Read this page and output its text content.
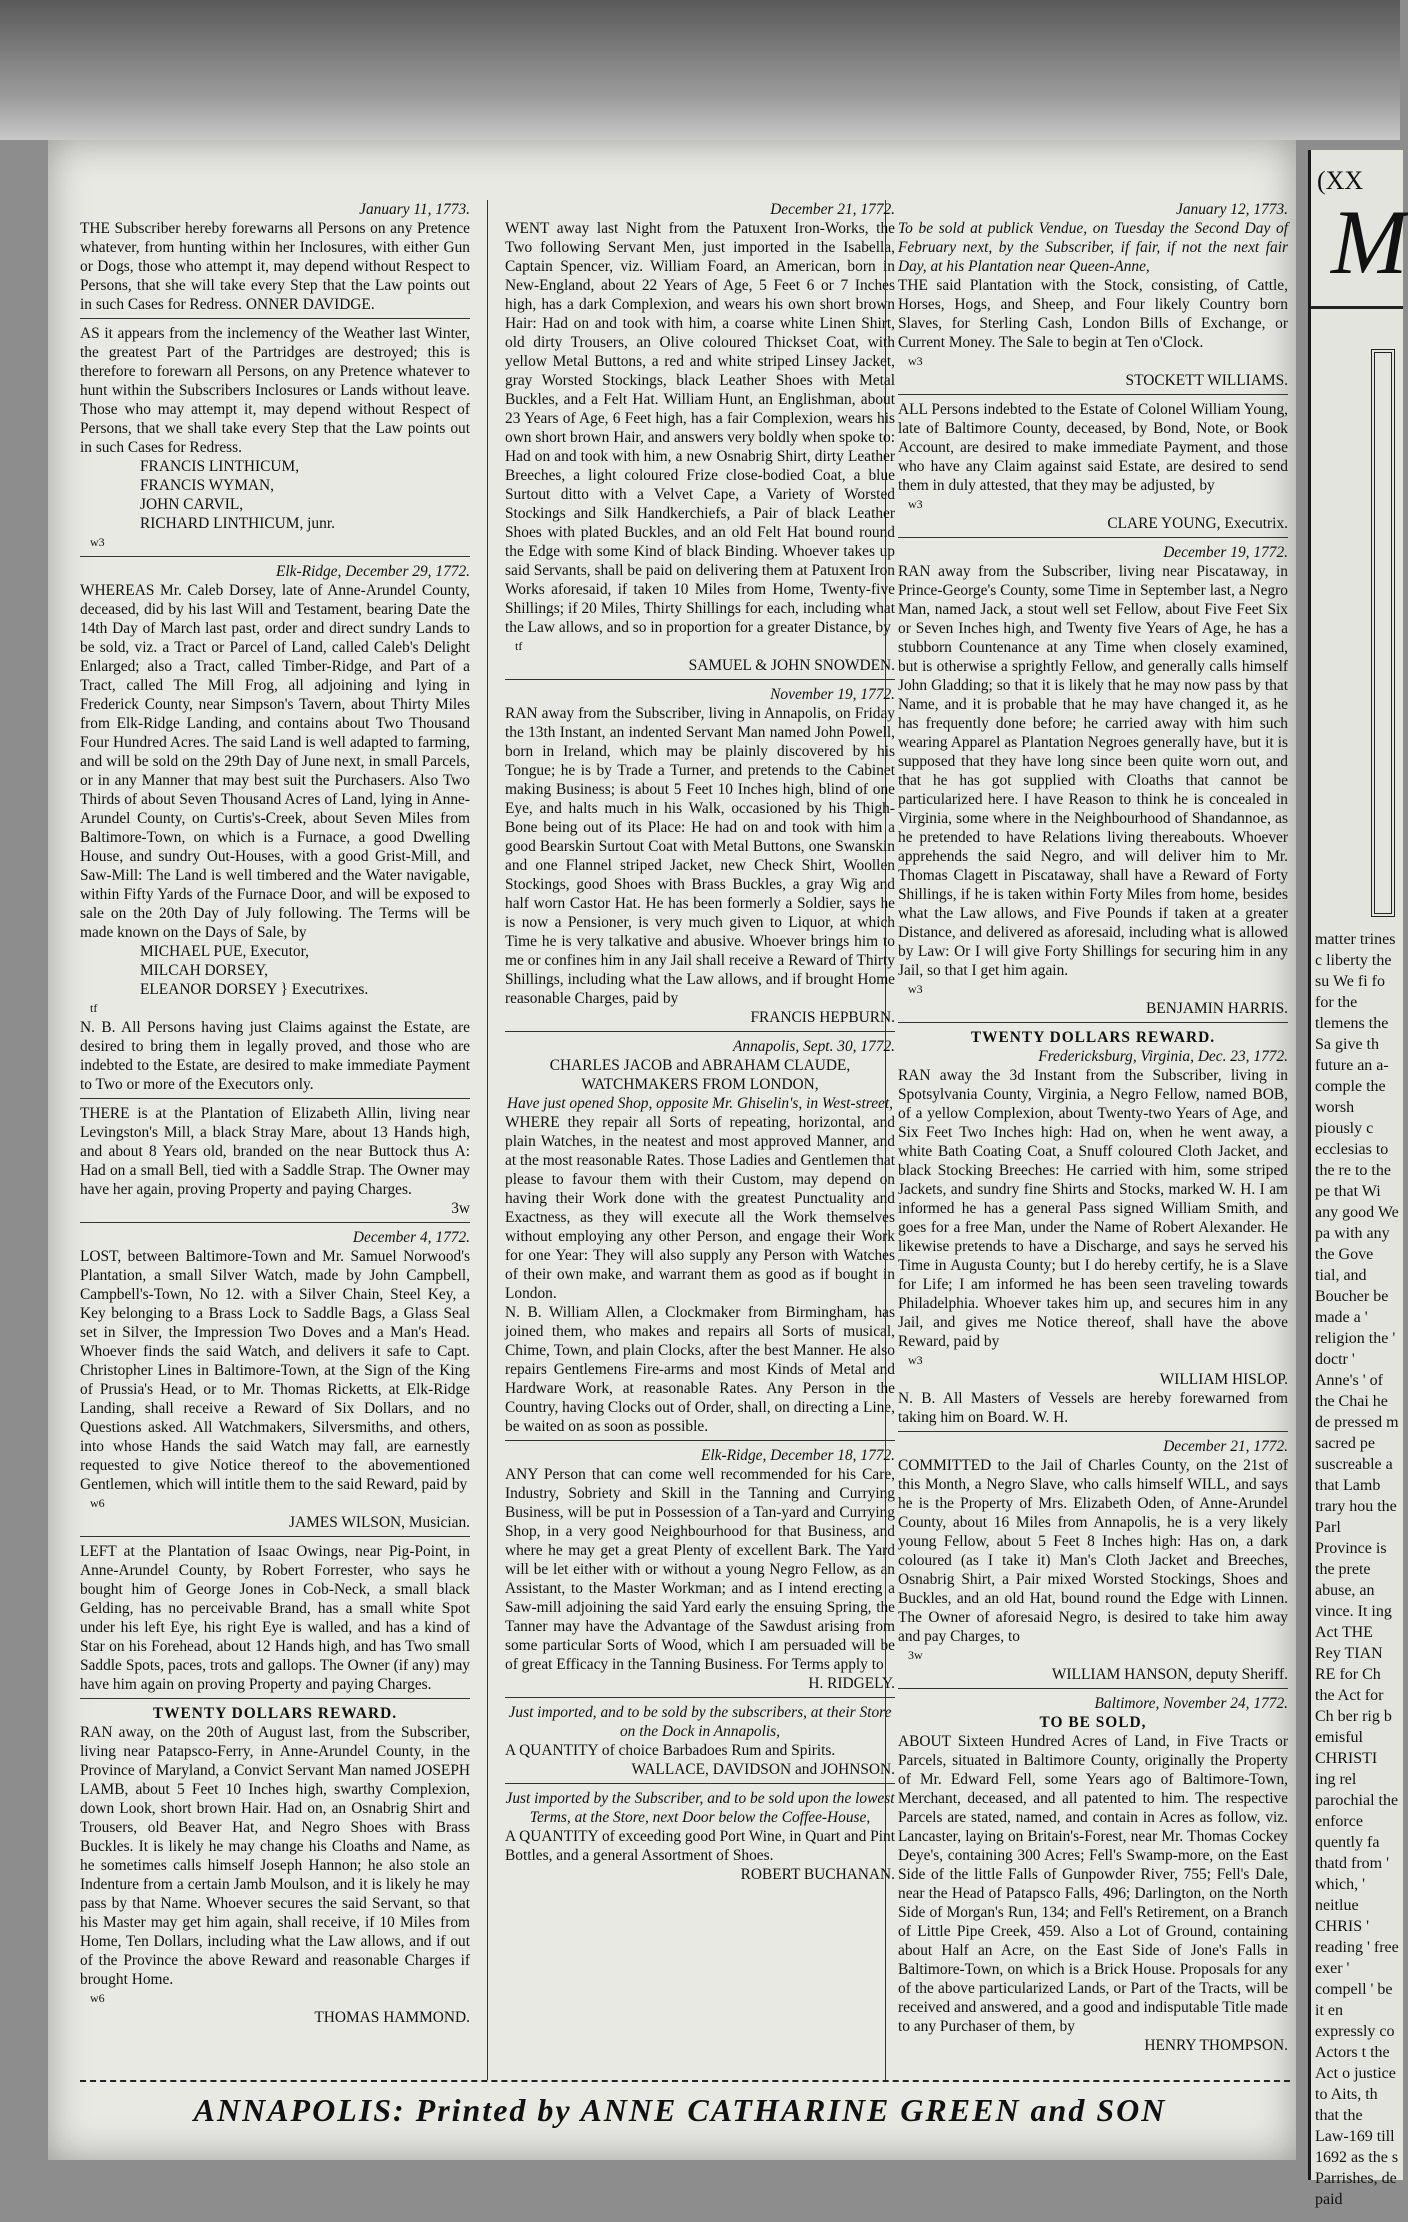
(XX
M
matter trines c liberty the su We fi fo for the tlemens the Sa give th future an a-comple the worsh piously c ecclesias to the re to the pe that Wi any good We pa with any the Gove tial, and Boucher be made a ' religion the ' doctr ' Anne's ' of the Chai he de pressed m sacred pe suscreable a that Lamb trary hou the Parl Province is the prete abuse, an vince. It ing Act THE Rey TIAN RE for Ch the Act for Ch ber rig b emisful CHRISTI ing rel parochial the enforce quently fa thatd from ' which, ' neitlue CHRIS ' reading ' free exer ' compell ' be it en expressly co Actors t the Act o justice to Aits, th that the Law-169 till 1692 as the s Parrishes, de paid

January 11, 1773.

THE Subscriber hereby forewarns all Persons on any Pretence whatever, from hunting within her Inclosures, with either Gun or Dogs, those who attempt it, may depend without Respect to Persons, that she will take every Step that the Law points out in such Cases for Redress. ONNER DAVIDGE.

AS it appears from the inclemency of the Weather last Winter, the greatest Part of the Partridges are destroyed; this is therefore to forewarn all Persons, on any Pretence whatever to hunt within the Subscribers Inclosures or Lands without leave. Those who may attempt it, may depend without Respect of Persons, that we shall take every Step that the Law points out in such Cases for Redress.

FRANCIS LINTHICUM,

FRANCIS WYMAN,

JOHN CARVIL,

RICHARD LINTHICUM, junr.

w3

Elk-Ridge, December 29, 1772.

WHEREAS Mr. Caleb Dorsey, late of Anne-Arundel County, deceased, did by his last Will and Testament, bearing Date the 14th Day of March last past, order and direct sundry Lands to be sold, viz. a Tract or Parcel of Land, called Caleb's Delight Enlarged; also a Tract, called Timber-Ridge, and Part of a Tract, called The Mill Frog, all adjoining and lying in Frederick County, near Simpson's Tavern, about Thirty Miles from Elk-Ridge Landing, and contains about Two Thousand Four Hundred Acres. The said Land is well adapted to farming, and will be sold on the 29th Day of June next, in small Parcels, or in any Manner that may best suit the Purchasers. Also Two Thirds of about Seven Thousand Acres of Land, lying in Anne-Arundel County, on Curtis's-Creek, about Seven Miles from Baltimore-Town, on which is a Furnace, a good Dwelling House, and sundry Out-Houses, with a good Grist-Mill, and Saw-Mill: The Land is well timbered and the Water navigable, within Fifty Yards of the Furnace Door, and will be exposed to sale on the 20th Day of July following. The Terms will be made known on the Days of Sale, by

MICHAEL PUE, Executor,

MILCAH DORSEY,

ELEANOR DORSEY } Executrixes.

tf

N. B. All Persons having just Claims against the Estate, are desired to bring them in legally proved, and those who are indebted to the Estate, are desired to make immediate Payment to Two or more of the Executors only.

THERE is at the Plantation of Elizabeth Allin, living near Levingston's Mill, a black Stray Mare, about 13 Hands high, and about 8 Years old, branded on the near Buttock thus A: Had on a small Bell, tied with a Saddle Strap. The Owner may have her again, proving Property and paying Charges.

3w

December 4, 1772.

LOST, between Baltimore-Town and Mr. Samuel Norwood's Plantation, a small Silver Watch, made by John Campbell, Campbell's-Town, No 12. with a Silver Chain, Steel Key, a Key belonging to a Brass Lock to Saddle Bags, a Glass Seal set in Silver, the Impression Two Doves and a Man's Head. Whoever finds the said Watch, and delivers it safe to Capt. Christopher Lines in Baltimore-Town, at the Sign of the King of Prussia's Head, or to Mr. Thomas Ricketts, at Elk-Ridge Landing, shall receive a Reward of Six Dollars, and no Questions asked. All Watchmakers, Silversmiths, and others, into whose Hands the said Watch may fall, are earnestly requested to give Notice thereof to the abovementioned Gentlemen, which will intitle them to the said Reward, paid by

w6

JAMES WILSON, Musician.

LEFT at the Plantation of Isaac Owings, near Pig-Point, in Anne-Arundel County, by Robert Forrester, who says he bought him of George Jones in Cob-Neck, a small black Gelding, has no perceivable Brand, has a small white Spot under his left Eye, his right Eye is walled, and has a kind of Star on his Forehead, about 12 Hands high, and has Two small Saddle Spots, paces, trots and gallops. The Owner (if any) may have him again on proving Property and paying Charges.

TWENTY DOLLARS REWARD.

RAN away, on the 20th of August last, from the Subscriber, living near Patapsco-Ferry, in Anne-Arundel County, in the Province of Maryland, a Convict Servant Man named JOSEPH LAMB, about 5 Feet 10 Inches high, swarthy Complexion, down Look, short brown Hair. Had on, an Osnabrig Shirt and Trousers, old Beaver Hat, and Negro Shoes with Brass Buckles. It is likely he may change his Cloaths and Name, as he sometimes calls himself Joseph Hannon; he also stole an Indenture from a certain Jamb Moulson, and it is likely he may pass by that Name. Whoever secures the said Servant, so that his Master may get him again, shall receive, if 10 Miles from Home, Ten Dollars, including what the Law allows, and if out of the Province the above Reward and reasonable Charges if brought Home.

w6

THOMAS HAMMOND.

December 21, 1772.

WENT away last Night from the Patuxent Iron-Works, the Two following Servant Men, just imported in the Isabella, Captain Spencer, viz. William Foard, an American, born in New-England, about 22 Years of Age, 5 Feet 6 or 7 Inches high, has a dark Complexion, and wears his own short brown Hair: Had on and took with him, a coarse white Linen Shirt, old dirty Trousers, an Olive coloured Thickset Coat, with yellow Metal Buttons, a red and white striped Linsey Jacket, gray Worsted Stockings, black Leather Shoes with Metal Buckles, and a Felt Hat. William Hunt, an Englishman, about 23 Years of Age, 6 Feet high, has a fair Complexion, wears his own short brown Hair, and answers very boldly when spoke to: Had on and took with him, a new Osnabrig Shirt, dirty Leather Breeches, a light coloured Frize close-bodied Coat, a blue Surtout ditto with a Velvet Cape, a Variety of Worsted Stockings and Silk Handkerchiefs, a Pair of black Leather Shoes with plated Buckles, and an old Felt Hat bound round the Edge with some Kind of black Binding. Whoever takes up said Servants, shall be paid on delivering them at Patuxent Iron Works aforesaid, if taken 10 Miles from Home, Twenty-five Shillings; if 20 Miles, Thirty Shillings for each, including what the Law allows, and so in proportion for a greater Distance, by

tf

SAMUEL & JOHN SNOWDEN.

November 19, 1772.

RAN away from the Subscriber, living in Annapolis, on Friday the 13th Instant, an indented Servant Man named John Powell, born in Ireland, which may be plainly discovered by his Tongue; he is by Trade a Turner, and pretends to the Cabinet making Business; is about 5 Feet 10 Inches high, blind of one Eye, and halts much in his Walk, occasioned by his Thigh-Bone being out of its Place: He had on and took with him a good Bearskin Surtout Coat with Metal Buttons, one Swanskin and one Flannel striped Jacket, new Check Shirt, Woollen Stockings, good Shoes with Brass Buckles, a gray Wig and half worn Castor Hat. He has been formerly a Soldier, says he is now a Pensioner, is very much given to Liquor, at which Time he is very talkative and abusive. Whoever brings him to me or confines him in any Jail shall receive a Reward of Thirty Shillings, including what the Law allows, and if brought Home reasonable Charges, paid by

FRANCIS HEPBURN.

Annapolis, Sept. 30, 1772.

CHARLES JACOB and ABRAHAM CLAUDE,

WATCHMAKERS FROM LONDON,

Have just opened Shop, opposite Mr. Ghiselin's, in West-street,

WHERE they repair all Sorts of repeating, horizontal, and plain Watches, in the neatest and most approved Manner, and at the most reasonable Rates. Those Ladies and Gentlemen that please to favour them with their Custom, may depend on having their Work done with the greatest Punctuality and Exactness, as they will execute all the Work themselves without employing any other Person, and engage their Work for one Year: They will also supply any Person with Watches of their own make, and warrant them as good as if bought in London.

N. B. William Allen, a Clockmaker from Birmingham, has joined them, who makes and repairs all Sorts of musical, Chime, Town, and plain Clocks, after the best Manner. He also repairs Gentlemens Fire-arms and most Kinds of Metal and Hardware Work, at reasonable Rates. Any Person in the Country, having Clocks out of Order, shall, on directing a Line, be waited on as soon as possible.

Elk-Ridge, December 18, 1772.

ANY Person that can come well recommended for his Care, Industry, Sobriety and Skill in the Tanning and Currying Business, will be put in Possession of a Tan-yard and Currying Shop, in a very good Neighbourhood for that Business, and where he may get a great Plenty of excellent Bark. The Yard will be let either with or without a young Negro Fellow, as an Assistant, to the Master Workman; and as I intend erecting a Saw-mill adjoining the said Yard early the ensuing Spring, the Tanner may have the Advantage of the Sawdust arising from some particular Sorts of Wood, which I am persuaded will be of great Efficacy in the Tanning Business. For Terms apply to

H. RIDGELY.

Just imported, and to be sold by the subscribers, at their Store on the Dock in Annapolis,

A QUANTITY of choice Barbadoes Rum and Spirits.

WALLACE, DAVIDSON and JOHNSON.

Just imported by the Subscriber, and to be sold upon the lowest Terms, at the Store, next Door below the Coffee-House,

A QUANTITY of exceeding good Port Wine, in Quart and Pint Bottles, and a general Assortment of Shoes.

ROBERT BUCHANAN.

January 12, 1773.

To be sold at publick Vendue, on Tuesday the Second Day of February next, by the Subscriber, if fair, if not the next fair Day, at his Plantation near Queen-Anne,

THE said Plantation with the Stock, consisting, of Cattle, Horses, Hogs, and Sheep, and Four likely Country born Slaves, for Sterling Cash, London Bills of Exchange, or Current Money. The Sale to begin at Ten o'Clock.

w3

STOCKETT WILLIAMS.

ALL Persons indebted to the Estate of Colonel William Young, late of Baltimore County, deceased, by Bond, Note, or Book Account, are desired to make immediate Payment, and those who have any Claim against said Estate, are desired to send them in duly attested, that they may be adjusted, by

w3

CLARE YOUNG, Executrix.

December 19, 1772.

RAN away from the Subscriber, living near Piscataway, in Prince-George's County, some Time in September last, a Negro Man, named Jack, a stout well set Fellow, about Five Feet Six or Seven Inches high, and Twenty five Years of Age, he has a stubborn Countenance at any Time when closely examined, but is otherwise a sprightly Fellow, and generally calls himself John Gladding; so that it is likely that he may now pass by that Name, and it is probable that he may have changed it, as he has frequently done before; he carried away with him such wearing Apparel as Plantation Negroes generally have, but it is supposed that they have long since been quite worn out, and that he has got supplied with Cloaths that cannot be particularized here. I have Reason to think he is concealed in Virginia, some where in the Neighbourhood of Shandannoe, as he pretended to have Relations living thereabouts. Whoever apprehends the said Negro, and will deliver him to Mr. Thomas Clagett in Piscataway, shall have a Reward of Forty Shillings, if he is taken within Forty Miles from home, besides what the Law allows, and Five Pounds if taken at a greater Distance, and delivered as aforesaid, including what is allowed by Law: Or I will give Forty Shillings for securing him in any Jail, so that I get him again.

w3

BENJAMIN HARRIS.

TWENTY DOLLARS REWARD.

Fredericksburg, Virginia, Dec. 23, 1772.

RAN away the 3d Instant from the Subscriber, living in Spotsylvania County, Virginia, a Negro Fellow, named BOB, of a yellow Complexion, about Twenty-two Years of Age, and Six Feet Two Inches high: Had on, when he went away, a white Bath Coating Coat, a Snuff coloured Cloth Jacket, and black Stocking Breeches: He carried with him, some striped Jackets, and sundry fine Shirts and Stocks, marked W. H. I am informed he has a general Pass signed William Smith, and goes for a free Man, under the Name of Robert Alexander. He likewise pretends to have a Discharge, and says he served his Time in Augusta County; but I do hereby certify, he is a Slave for Life; I am informed he has been seen traveling towards Philadelphia. Whoever takes him up, and secures him in any Jail, and gives me Notice thereof, shall have the above Reward, paid by

w3

WILLIAM HISLOP.

N. B. All Masters of Vessels are hereby forewarned from taking him on Board. W. H.

December 21, 1772.

COMMITTED to the Jail of Charles County, on the 21st of this Month, a Negro Slave, who calls himself WILL, and says he is the Property of Mrs. Elizabeth Oden, of Anne-Arundel County, about 16 Miles from Annapolis, he is a very likely young Fellow, about 5 Feet 8 Inches high: Has on, a dark coloured (as I take it) Man's Cloth Jacket and Breeches, Osnabrig Shirt, a Pair mixed Worsted Stockings, Shoes and Buckles, and an old Hat, bound round the Edge with Linnen. The Owner of aforesaid Negro, is desired to take him away and pay Charges, to

3w

WILLIAM HANSON, deputy Sheriff.

Baltimore, November 24, 1772.

TO BE SOLD,

ABOUT Sixteen Hundred Acres of Land, in Five Tracts or Parcels, situated in Baltimore County, originally the Property of Mr. Edward Fell, some Years ago of Baltimore-Town, Merchant, deceased, and all patented to him. The respective Parcels are stated, named, and contain in Acres as follow, viz. Lancaster, laying on Britain's-Forest, near Mr. Thomas Cockey Deye's, containing 300 Acres; Fell's Swamp-more, on the East Side of the little Falls of Gunpowder River, 755; Fell's Dale, near the Head of Patapsco Falls, 496; Darlington, on the North Side of Morgan's Run, 134; and Fell's Retirement, on a Branch of Little Pipe Creek, 459. Also a Lot of Ground, containing about Half an Acre, on the East Side of Jone's Falls in Baltimore-Town, on which is a Brick House. Proposals for any of the above particularized Lands, or Part of the Tracts, will be received and answered, and a good and indisputable Title made to any Purchaser of them, by

HENRY THOMPSON.

ANNAPOLIS: Printed by ANNE CATHARINE GREEN and SON
